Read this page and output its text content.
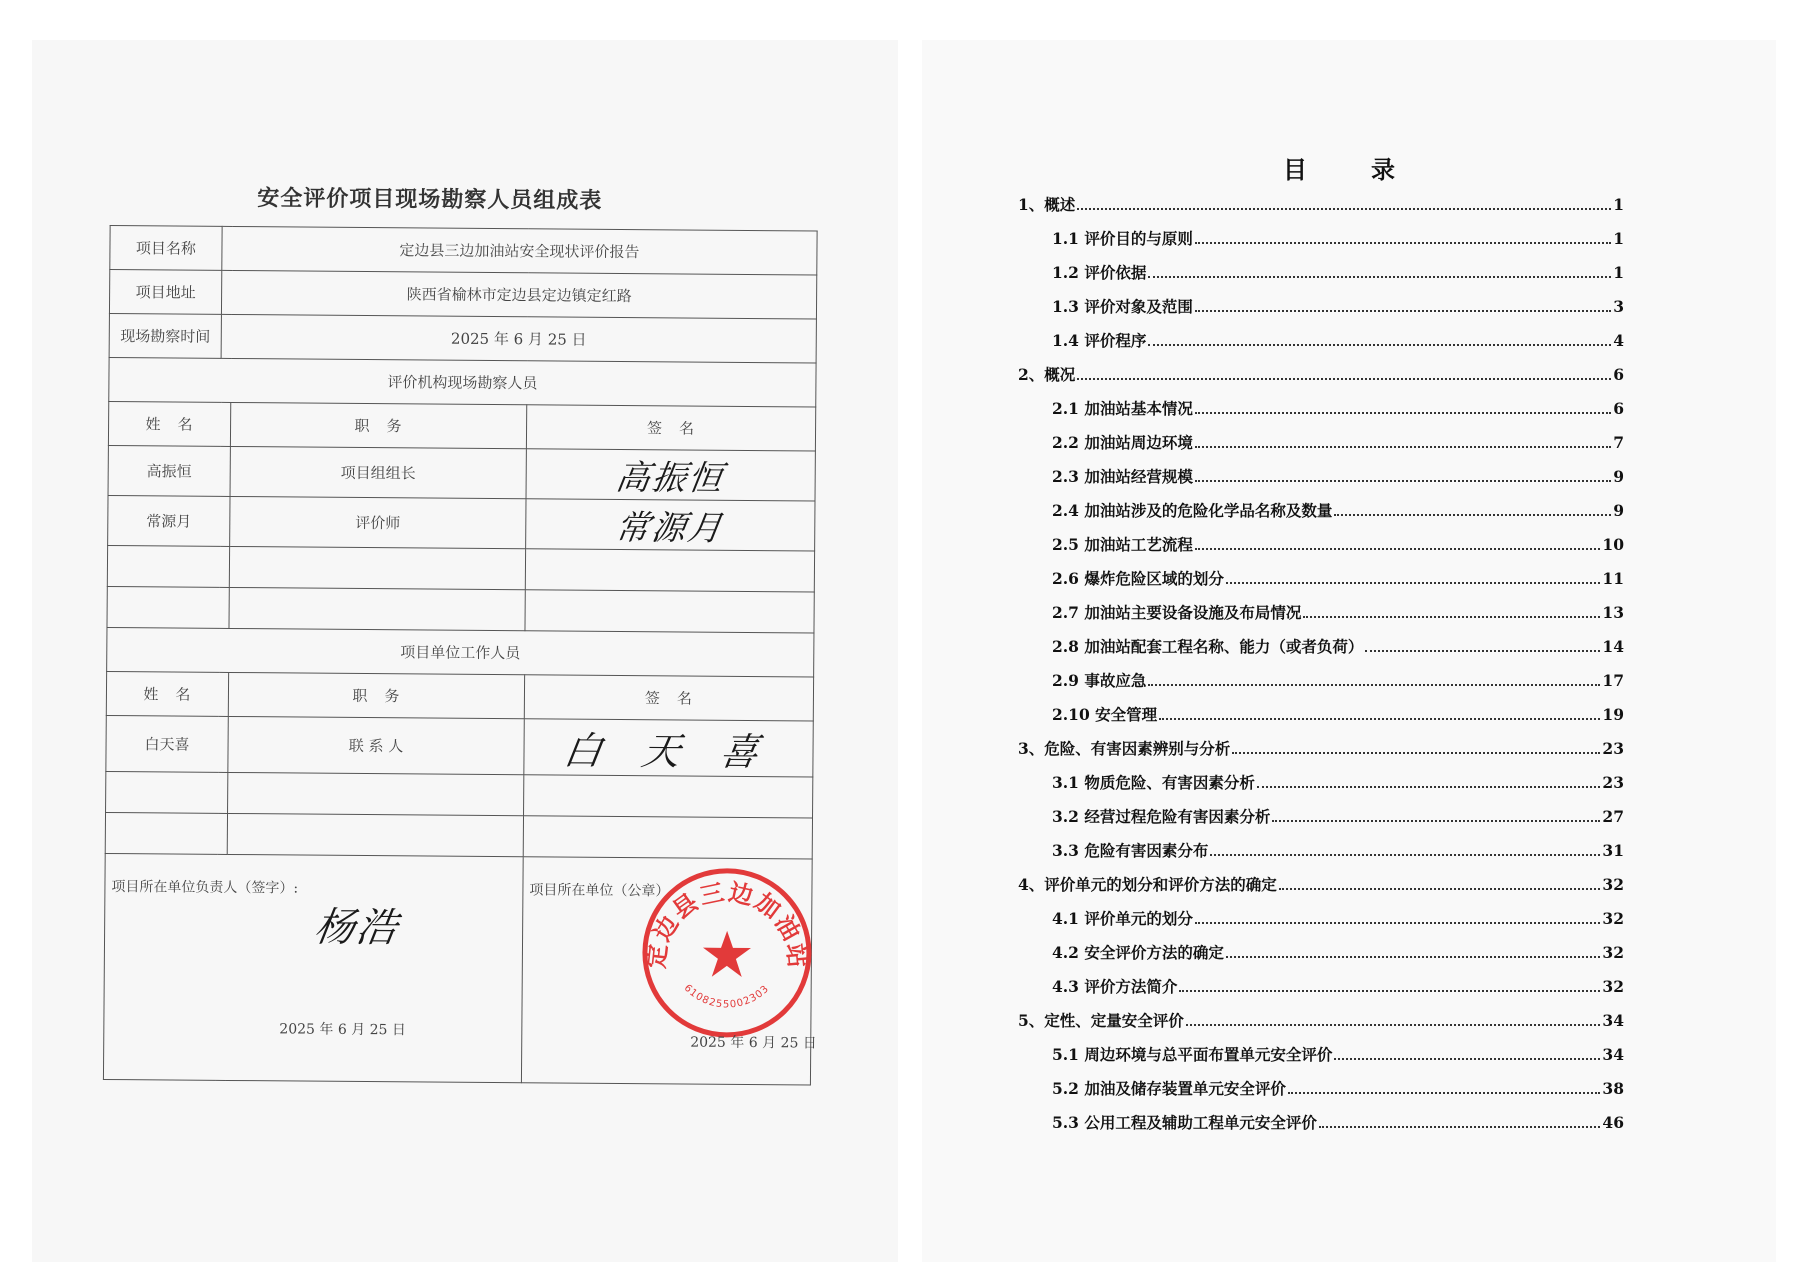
安全评价项目现场勘察人员组成表
项目名称	定边县三边加油站安全现状评价报告		
项目地址	陕西省榆林市定边县定边镇定红路		
现场勘察时间	2025 年 6 月 25 日		
评价机构现场勘察人员			
姓　名		职　务	签　名
高振恒		项目组组长	高振恒
常源月		评价师	常源月

项目单位工作人员			
姓　名		职　务	签　名
白天喜		联 系 人	白 天 喜

项目所在单位负责人（签字）:
杨浩
2025 年 6 月 25 日			项目所在单位（公章）
定边县三边加油站
6108255002303
2025 年 6 月 25 日
目　录
1、 概述	1
1.1 评价目的与原则	1
1.2 评价依据	1
1.3 评价对象及范围	3
1.4 评价程序	4
2、 概况	6
2.1 加油站基本情况	6
2.2 加油站周边环境	7
2.3 加油站经营规模	9
2.4 加油站涉及的危险化学品名称及数量	9
2.5 加油站工艺流程	10
2.6 爆炸危险区域的划分	11
2.7 加油站主要设备设施及布局情况	13
2.8 加油站配套工程名称、能力（或者负荷）	14
2.9 事故应急	17
2.10 安全管理	19
3、 危险、有害因素辨别与分析	23
3.1 物质危险、有害因素分析	23
3.2 经营过程危险有害因素分析	27
3.3 危险有害因素分布	31
4、 评价单元的划分和评价方法的确定	32
4.1 评价单元的划分	32
4.2 安全评价方法的确定	32
4.3 评价方法简介	32
5、 定性、定量安全评价	34
5.1 周边环境与总平面布置单元安全评价	34
5.2 加油及储存装置单元安全评价	38
5.3 公用工程及辅助工程单元安全评价	46
